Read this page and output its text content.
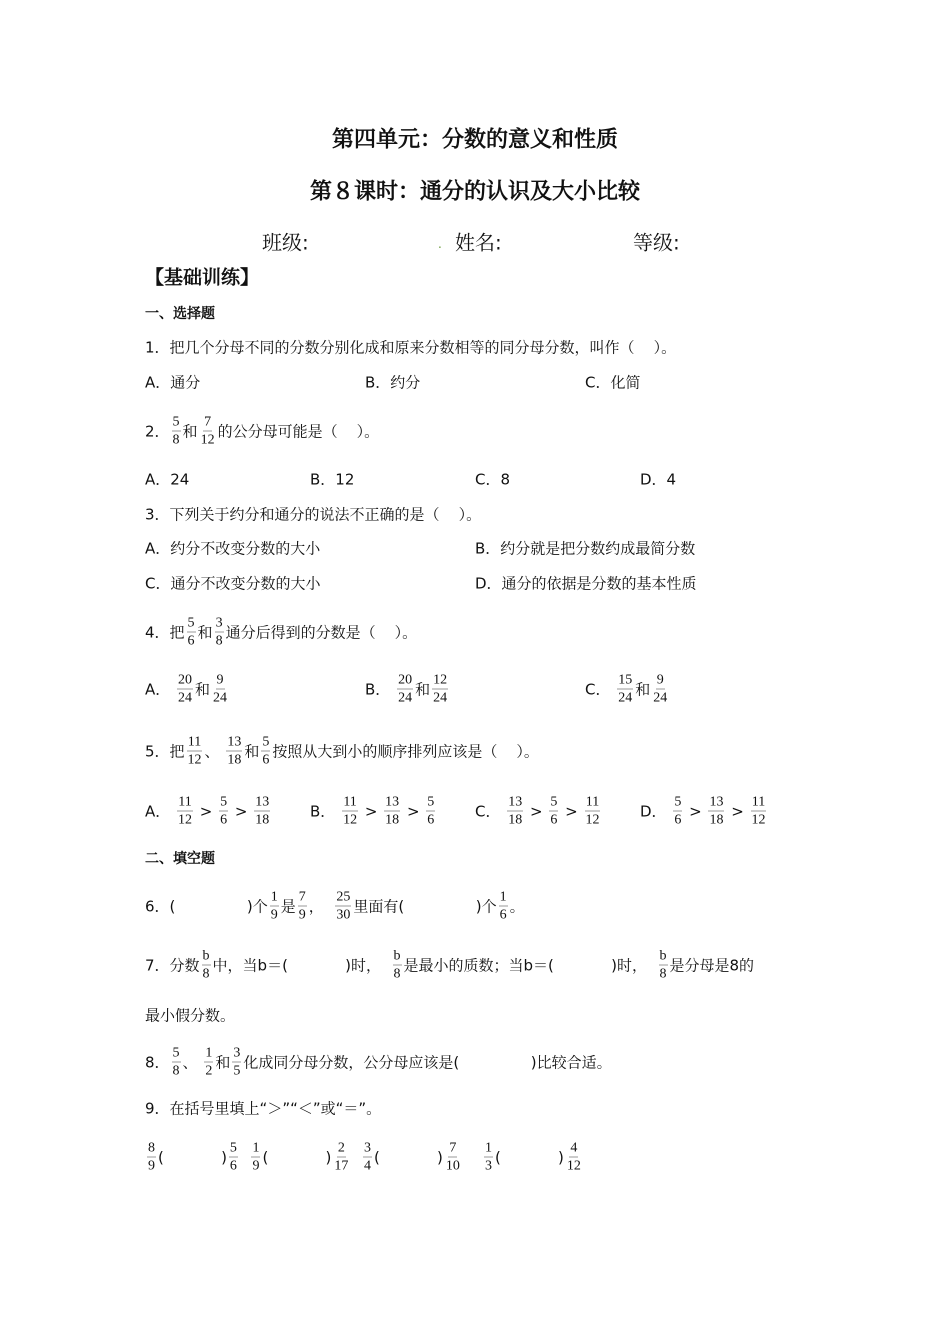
第四单元：分数的意义和性质
第８课时：通分的认识及大小比较
班级:	. 姓名:	等级:
【基础训练】
一、选择题
1．把几个分母不同的分数分别化成和原来分数相等的同分母分数，叫作（    ）。
A．通分	B．约分	C．化简
2． $\frac{5}{8}$ 和 $\frac{7}{12}$ 的公分母可能是（    ）。
A．24	B．12	C．8	D．4
3．下列关于约分和通分的说法不正确的是（    ）。
A．约分不改变分数的大小	B．约分就是把分数约成最简分数
C．通分不改变分数的大小	D．通分的依据是分数的基本性质
4．把 $\frac{5}{6}$ 和 $\frac{3}{8}$ 通分后得到的分数是（    ）。
A． $\frac{20}{24}$ 和 $\frac{9}{24}$	B． $\frac{20}{24}$ 和 $\frac{12}{24}$	C． $\frac{15}{24}$ 和 $\frac{9}{24}$
5．把 $\frac{11}{12}$ 、 $\frac{13}{18}$ 和 $\frac{5}{6}$ 按照从大到小的顺序排列应该是（    ）。
A． $\frac{11}{12} > \frac{5}{6} > \frac{13}{18}$	B． $\frac{11}{12} > \frac{13}{18} > \frac{5}{6}$	C． $\frac{13}{18} > \frac{5}{6} > \frac{11}{12}$	D． $\frac{5}{6} > \frac{13}{18} > \frac{11}{12}$
二、填空题
6．(               )个 $\frac{1}{9}$ 是 $\frac{7}{9}$ ， $\frac{25}{30}$ 里面有(               )个 $\frac{1}{6}$ 。
7．分数 $\frac{b}{8}$ 中，当b＝(            )时， $\frac{b}{8}$ 是最小的质数；当b＝(            )时， $\frac{b}{8}$ 是分母是8的
最小假分数。
8． $\frac{5}{8}$ 、 $\frac{1}{2}$ 和 $\frac{3}{5}$ 化成同分母分数，公分母应该是(               )比较合适。
9．在括号里填上“＞”“＜”或“＝”。
$\frac{8}{9}$ (            ) $\frac{5}{6}$
$\frac{1}{9}$ (            ) $\frac{2}{17}$
$\frac{3}{4}$ (            ) $\frac{7}{10}$
$\frac{1}{3}$ (            ) $\frac{4}{12}$
